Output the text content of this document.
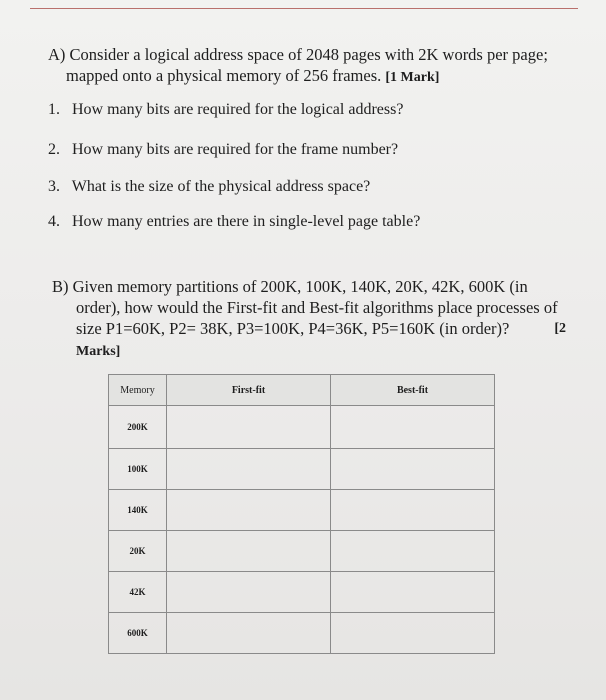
A) Consider a logical address space of 2048 pages with 2K words per page;
mapped onto a physical memory of 256 frames. [1 Mark]
1. How many bits are required for the logical address?
2. How many bits are required for the frame number?
3. What is the size of the physical address space?
4. How many entries are there in single-level page table?
B) Given memory partitions of 200K, 100K, 140K, 20K, 42K, 600K (in
order), how would the First-fit and Best-fit algorithms place processes of
size P1=60K, P2= 38K, P3=100K, P4=36K, P5=160K (in order)?	[2
Marks]
Memory	First-fit	Best-fit
200K		
100K		
140K		
20K		
42K		
600K		
